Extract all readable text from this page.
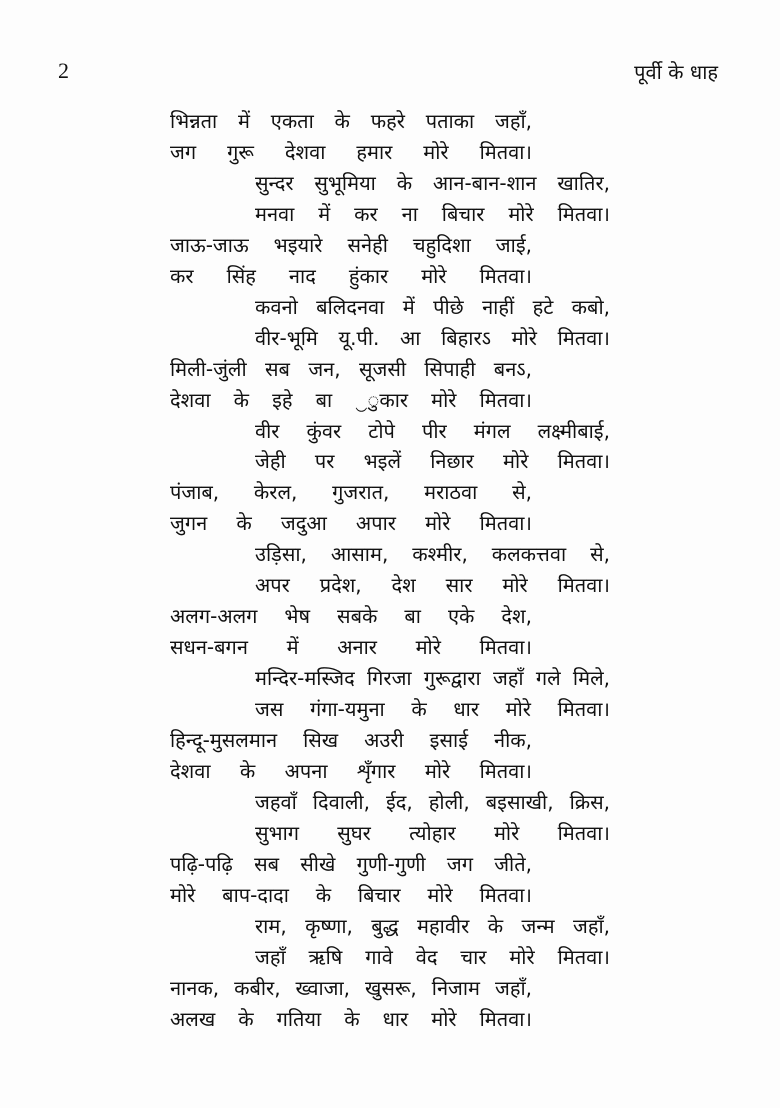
2	पूर्वी के धाह
भिन्नता में एकता के फहरे पताका जहाँ,
जग गुरू देशवा हमार मोरे मितवा।
सुन्दर सुभूमिया के आन-बान-शान खातिर,
मनवा में कर ना बिचार मोरे मितवा।
जाऊ-जाऊ भइयारे सनेही चहुदिशा जाई,
कर सिंह नाद हुंकार मोरे मितवा।
कवनो बलिदनवा में पीछे नाहीं हटे कबो,
वीर-भूमि यू.पी. आ बिहारऽ मोरे मितवा।
मिली-जुंली सब जन, सूजसी सिपाही बनऽ,
देशवा के इहे बा ‿ुकार मोरे मितवा।
वीर कुंवर टोपे पीर मंगल लक्ष्मीबाई,
जेही पर भइलें निछार मोरे मितवा।
पंजाब, केरल, गुजरात, मराठवा से,
जुगन के जदुआ अपार मोरे मितवा।
उड़िसा, आसाम, कश्मीर, कलकत्तवा से,
अपर प्रदेश, देश सार मोरे मितवा।
अलग-अलग भेष सबके बा एके देश,
सधन-बगन में अनार मोरे मितवा।
मन्दिर-मस्जिद गिरजा गुरूद्वारा जहाँ गले मिले,
जस गंगा-यमुना के धार मोरे मितवा।
हिन्दू-मुसलमान सिख अउरी इसाई नीक,
देशवा के अपना शृँगार मोरे मितवा।
जहवाँ दिवाली, ईद, होली, बइसाखी, क्रिस,
सुभाग सुघर त्योहार मोरे मितवा।
पढ़ि-पढ़ि सब सीखे गुणी-गुणी जग जीते,
मोरे बाप-दादा के बिचार मोरे मितवा।
राम, कृष्णा, बुद्ध महावीर के जन्म जहाँ,
जहाँ ऋषि गावे वेद चार मोरे मितवा।
नानक, कबीर, ख्वाजा, खुसरू, निजाम जहाँ,
अलख के गतिया के धार मोरे मितवा।
